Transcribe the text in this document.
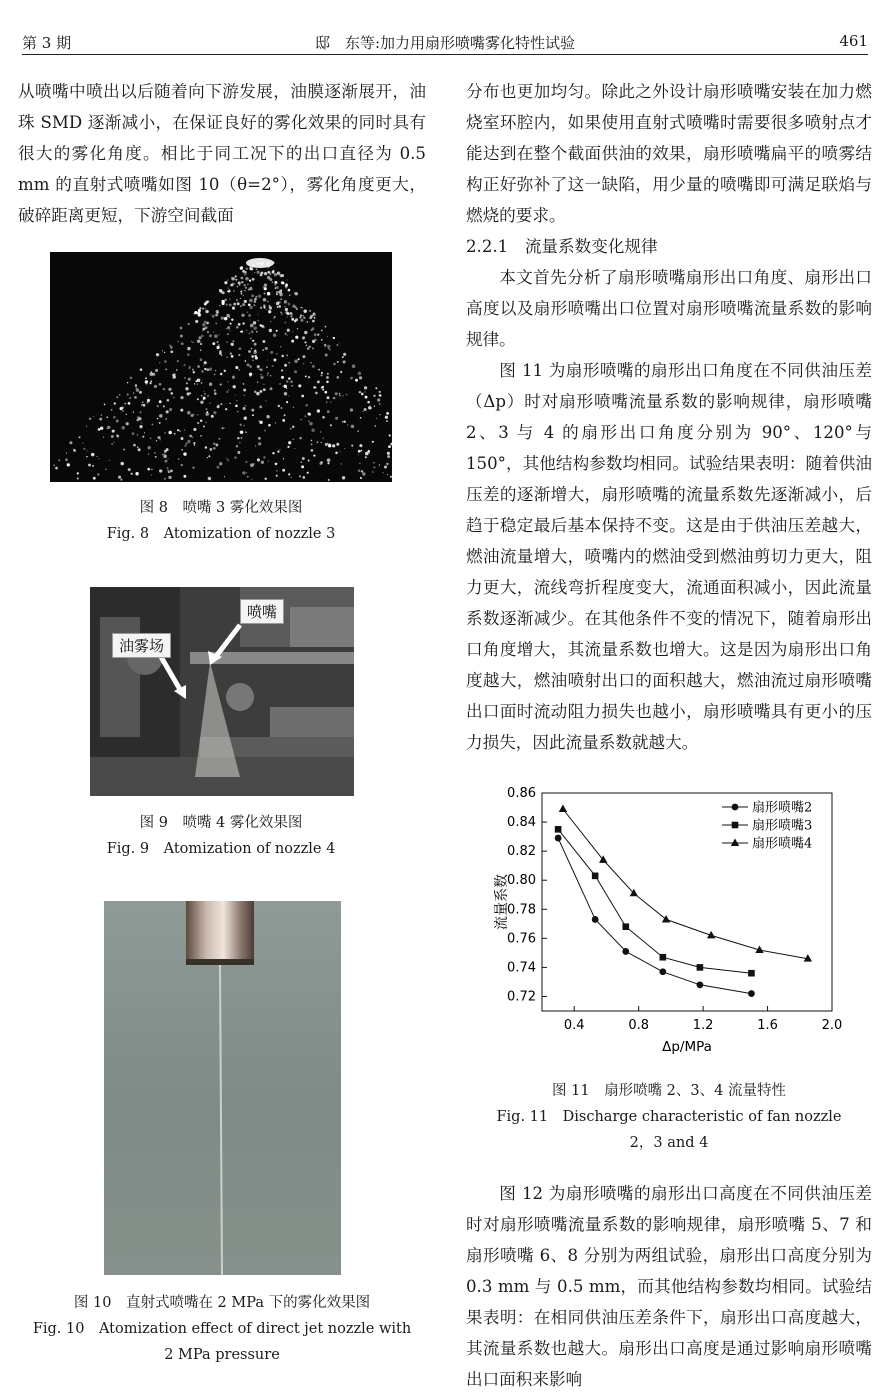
第 3 期	邸　东等:加力用扇形喷嘴雾化特性试验	461

从喷嘴中喷出以后随着向下游发展，油膜逐渐展开，油珠 SMD 逐渐减小，在保证良好的雾化效果的同时具有很大的雾化角度。相比于同工况下的出口直径为 0.5 mm 的直射式喷嘴如图 10（θ=2°），雾化角度更大，破碎距离更短，下游空间截面

图 8　喷嘴 3 雾化效果图
Fig. 8　Atomization of nozzle 3
喷嘴
油雾场
图 9　喷嘴 4 雾化效果图
Fig. 9　Atomization of nozzle 4
图 10　直射式喷嘴在 2 MPa 下的雾化效果图
Fig. 10　Atomization effect of direct jet nozzle with
2 MPa pressure

分布也更加均匀。除此之外设计扇形喷嘴安装在加力燃烧室环腔内，如果使用直射式喷嘴时需要很多喷射点才能达到在整个截面供油的效果，扇形喷嘴扁平的喷雾结构正好弥补了这一缺陷，用少量的喷嘴即可满足联焰与燃烧的要求。

2.2.1　流量系数变化规律

本文首先分析了扇形喷嘴扇形出口角度、扇形出口高度以及扇形喷嘴出口位置对扇形喷嘴流量系数的影响规律。

图 11 为扇形喷嘴的扇形出口角度在不同供油压差（Δp）时对扇形喷嘴流量系数的影响规律，扇形喷嘴 2、3 与 4 的扇形出口角度分别为 90°、120°与 150°，其他结构参数均相同。试验结果表明：随着供油压差的逐渐增大，扇形喷嘴的流量系数先逐渐减小，后趋于稳定最后基本保持不变。这是由于供油压差越大，燃油流量增大，喷嘴内的燃油受到燃油剪切力更大，阻力更大，流线弯折程度变大，流通面积减小，因此流量系数逐渐减少。在其他条件不变的情况下，随着扇形出口角度增大，其流量系数也增大。这是因为扇形出口角度越大，燃油喷射出口的面积越大，燃油流过扇形喷嘴出口面时流动阻力损失也越小，扇形喷嘴具有更小的压力损失，因此流量系数就越大。

0.4	0.8	1.2	1.6	2.0
0.72
0.74
0.76
0.78
0.80
0.82
0.84
0.86
Δp/MPa
流量系数
扇形喷嘴2
扇形喷嘴3
扇形喷嘴4
图 11　扇形喷嘴 2、3、4 流量特性
Fig. 11　Discharge characteristic of fan nozzle
2，3 and 4

图 12 为扇形喷嘴的扇形出口高度在不同供油压差时对扇形喷嘴流量系数的影响规律，扇形喷嘴 5、7 和扇形喷嘴 6、8 分别为两组试验，扇形出口高度分别为 0.3 mm 与 0.5 mm，而其他结构参数均相同。试验结果表明：在相同供油压差条件下，扇形出口高度越大，其流量系数也越大。扇形出口高度是通过影响扇形喷嘴出口面积来影响
